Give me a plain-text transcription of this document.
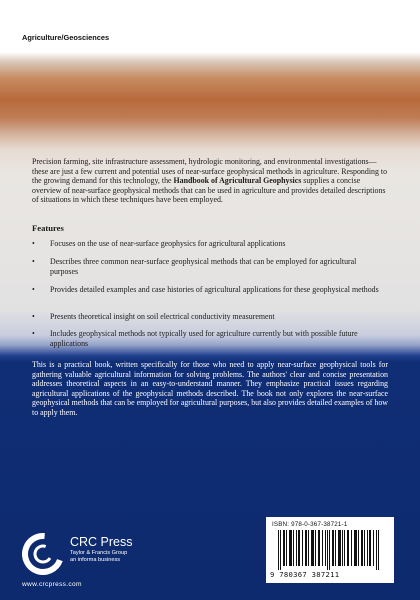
Agriculture/Geosciences
Precision farming, site infrastructure assessment, hydrologic monitoring, and environmental investigations—these are just a few current and potential uses of near-surface geophysical methods in agriculture. Responding to the growing demand for this technology, the Handbook of Agricultural Geophysics supplies a concise overview of near-surface geophysical methods that can be used in agriculture and provides detailed descriptions of situations in which these techniques have been employed.
Features
•	Focuses on the use of near-surface geophysics for agricultural applications
•	Describes three common near-surface geophysical methods that can be employed for agricultural purposes
•	Provides detailed examples and case histories of agricultural applications for these geophysical methods
•	Presents theoretical insight on soil electrical conductivity measurement
•	Includes geophysical methods not typically used for agriculture currently but with possible future applications
This is a practical book, written specifically for those who need to apply near-surface geophysical tools for gathering valuable agricultural information for solving problems. The authors' clear and concise presentation addresses theoretical aspects in an easy-to-understand manner. They emphasize practical issues regarding agricultural applications of the geophysical methods described. The book not only explores the near-surface geophysical methods that can be employed for agricultural purposes, but also provides detailed examples of how to apply them.
CRC Press
Taylor & Francis Group
an informa business
www.crcpress.com
ISBN: 978-0-367-38721-1
9 780367 387211
